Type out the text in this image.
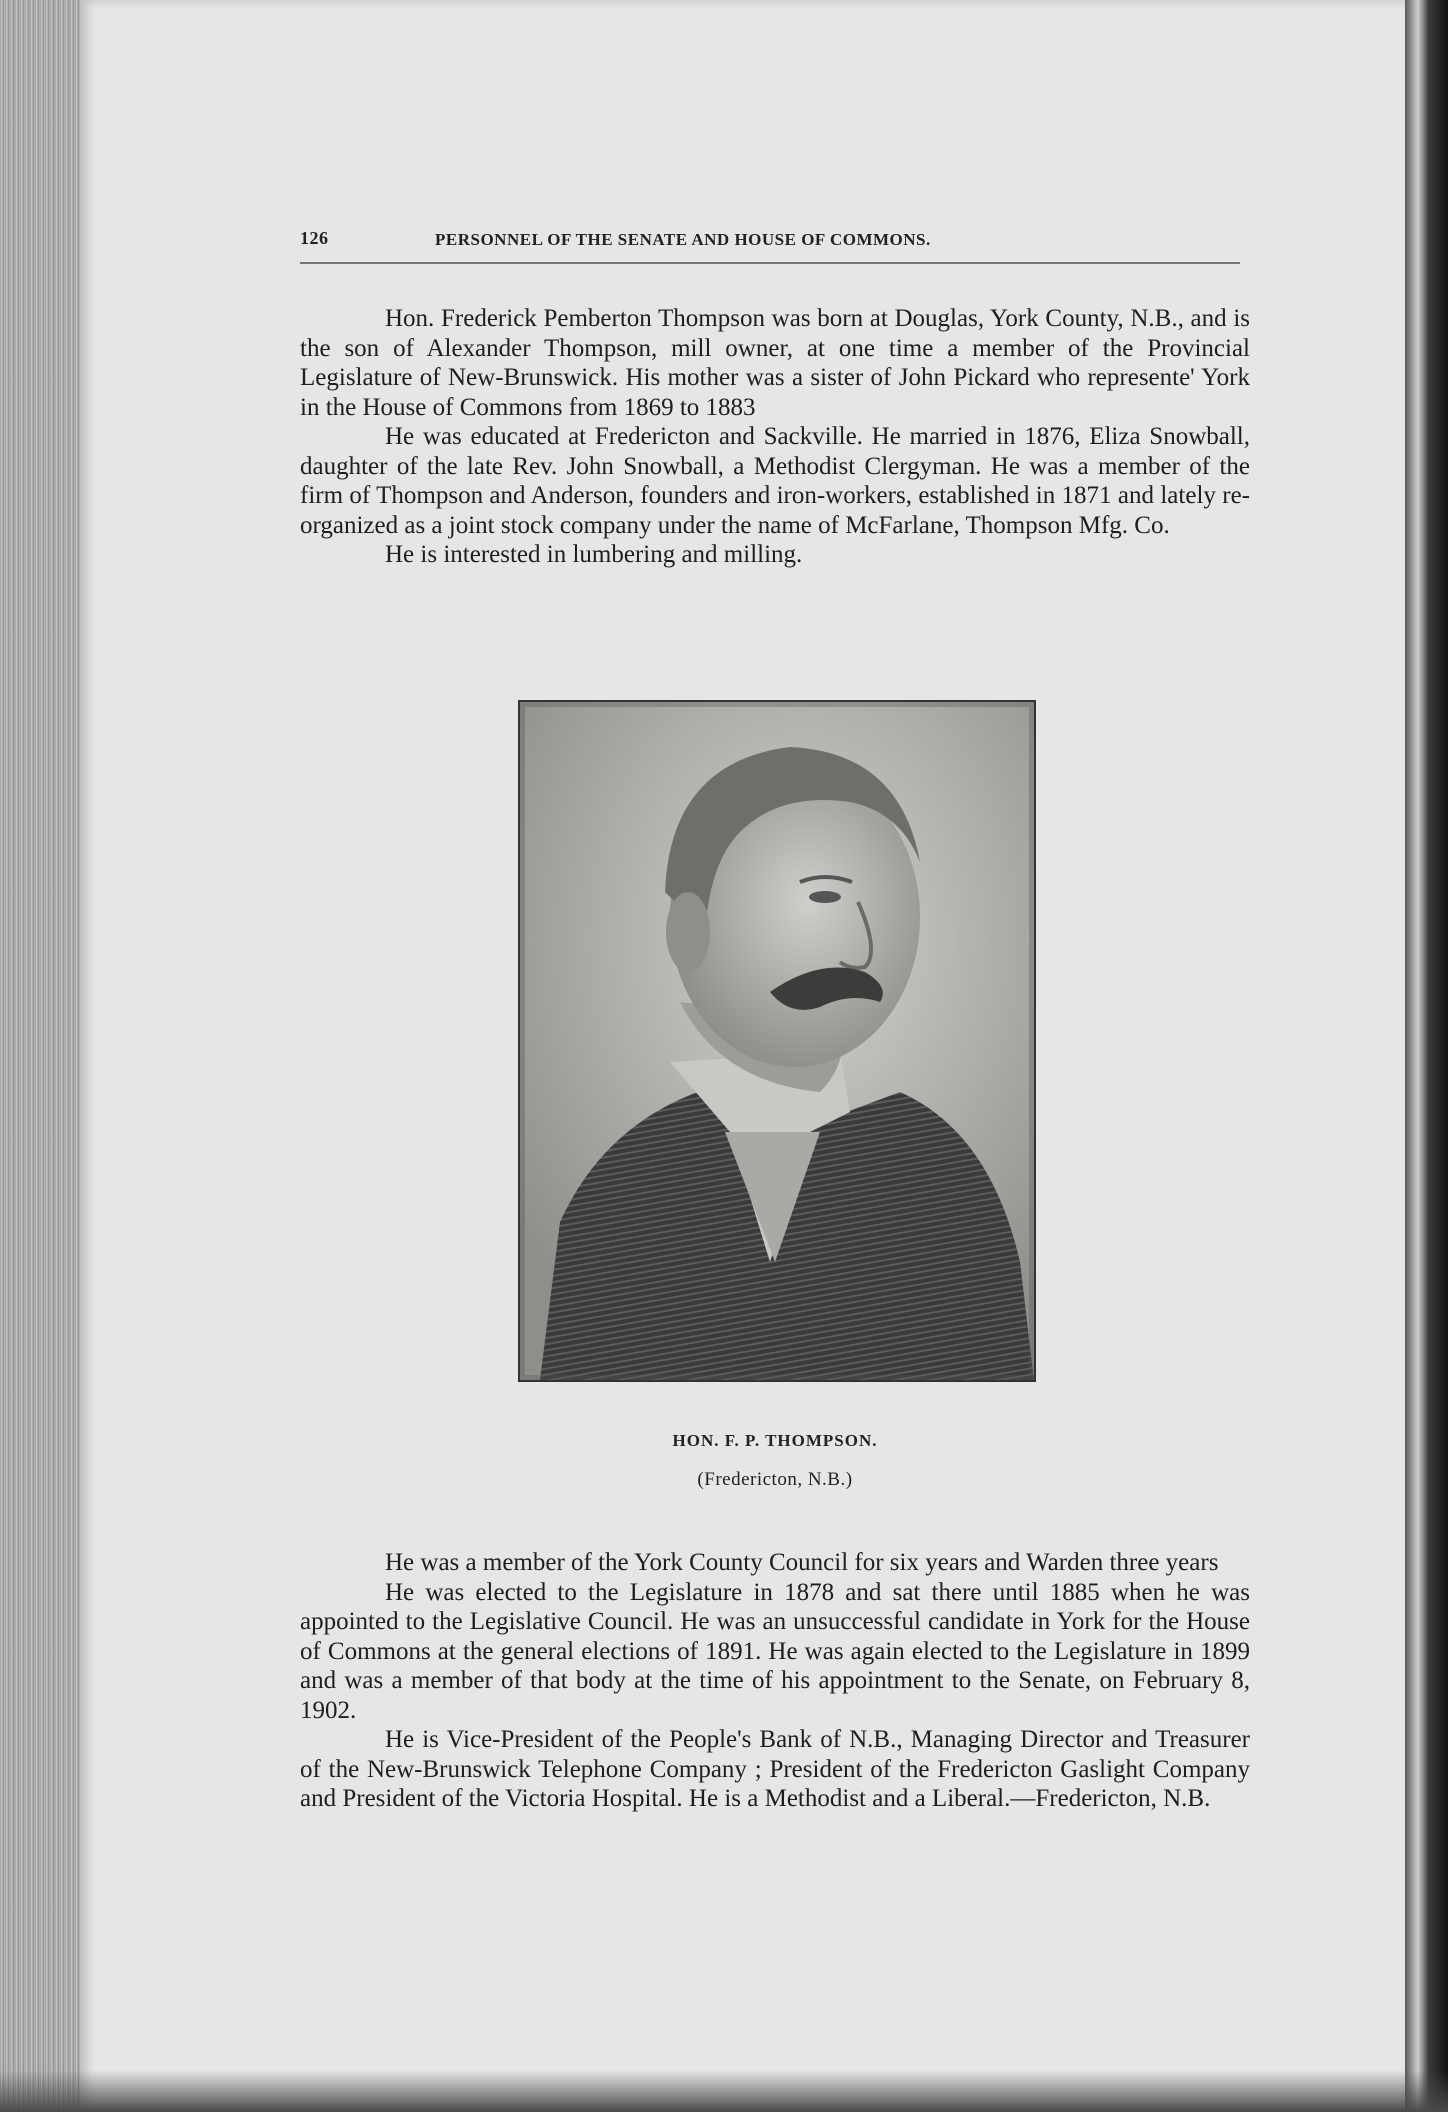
126	PERSONNEL OF THE SENATE AND HOUSE OF COMMONS.

Hon. Frederick Pemberton Thompson was born at Douglas, York County, N.B., and is the son of Alexander Thompson, mill owner, at one time a member of the Provincial Legislature of New-Brunswick. His mother was a sister of John Pickard who represente' York in the House of Commons from 1869 to 1883

He was educated at Fredericton and Sackville. He married in 1876, Eliza Snowball, daughter of the late Rev. John Snowball, a Methodist Clergyman. He was a member of the firm of Thompson and Anderson, founders and iron-workers, established in 1871 and lately re-organized as a joint stock company under the name of McFarlane, Thompson Mfg. Co.

He is interested in lumbering and milling.

HON. F. P. THOMPSON.
(Fredericton, N.B.)

He was a member of the York County Council for six years and Warden three years

He was elected to the Legislature in 1878 and sat there until 1885 when he was appointed to the Legislative Council. He was an unsuccessful candidate in York for the House of Commons at the general elections of 1891. He was again elected to the Legislature in 1899 and was a member of that body at the time of his appointment to the Senate, on February 8, 1902.

He is Vice-President of the People's Bank of N.B., Managing Director and Treasurer of the New-Brunswick Telephone Company ; President of the Fredericton Gaslight Company and President of the Victoria Hospital. He is a Methodist and a Liberal.—Fredericton, N.B.
